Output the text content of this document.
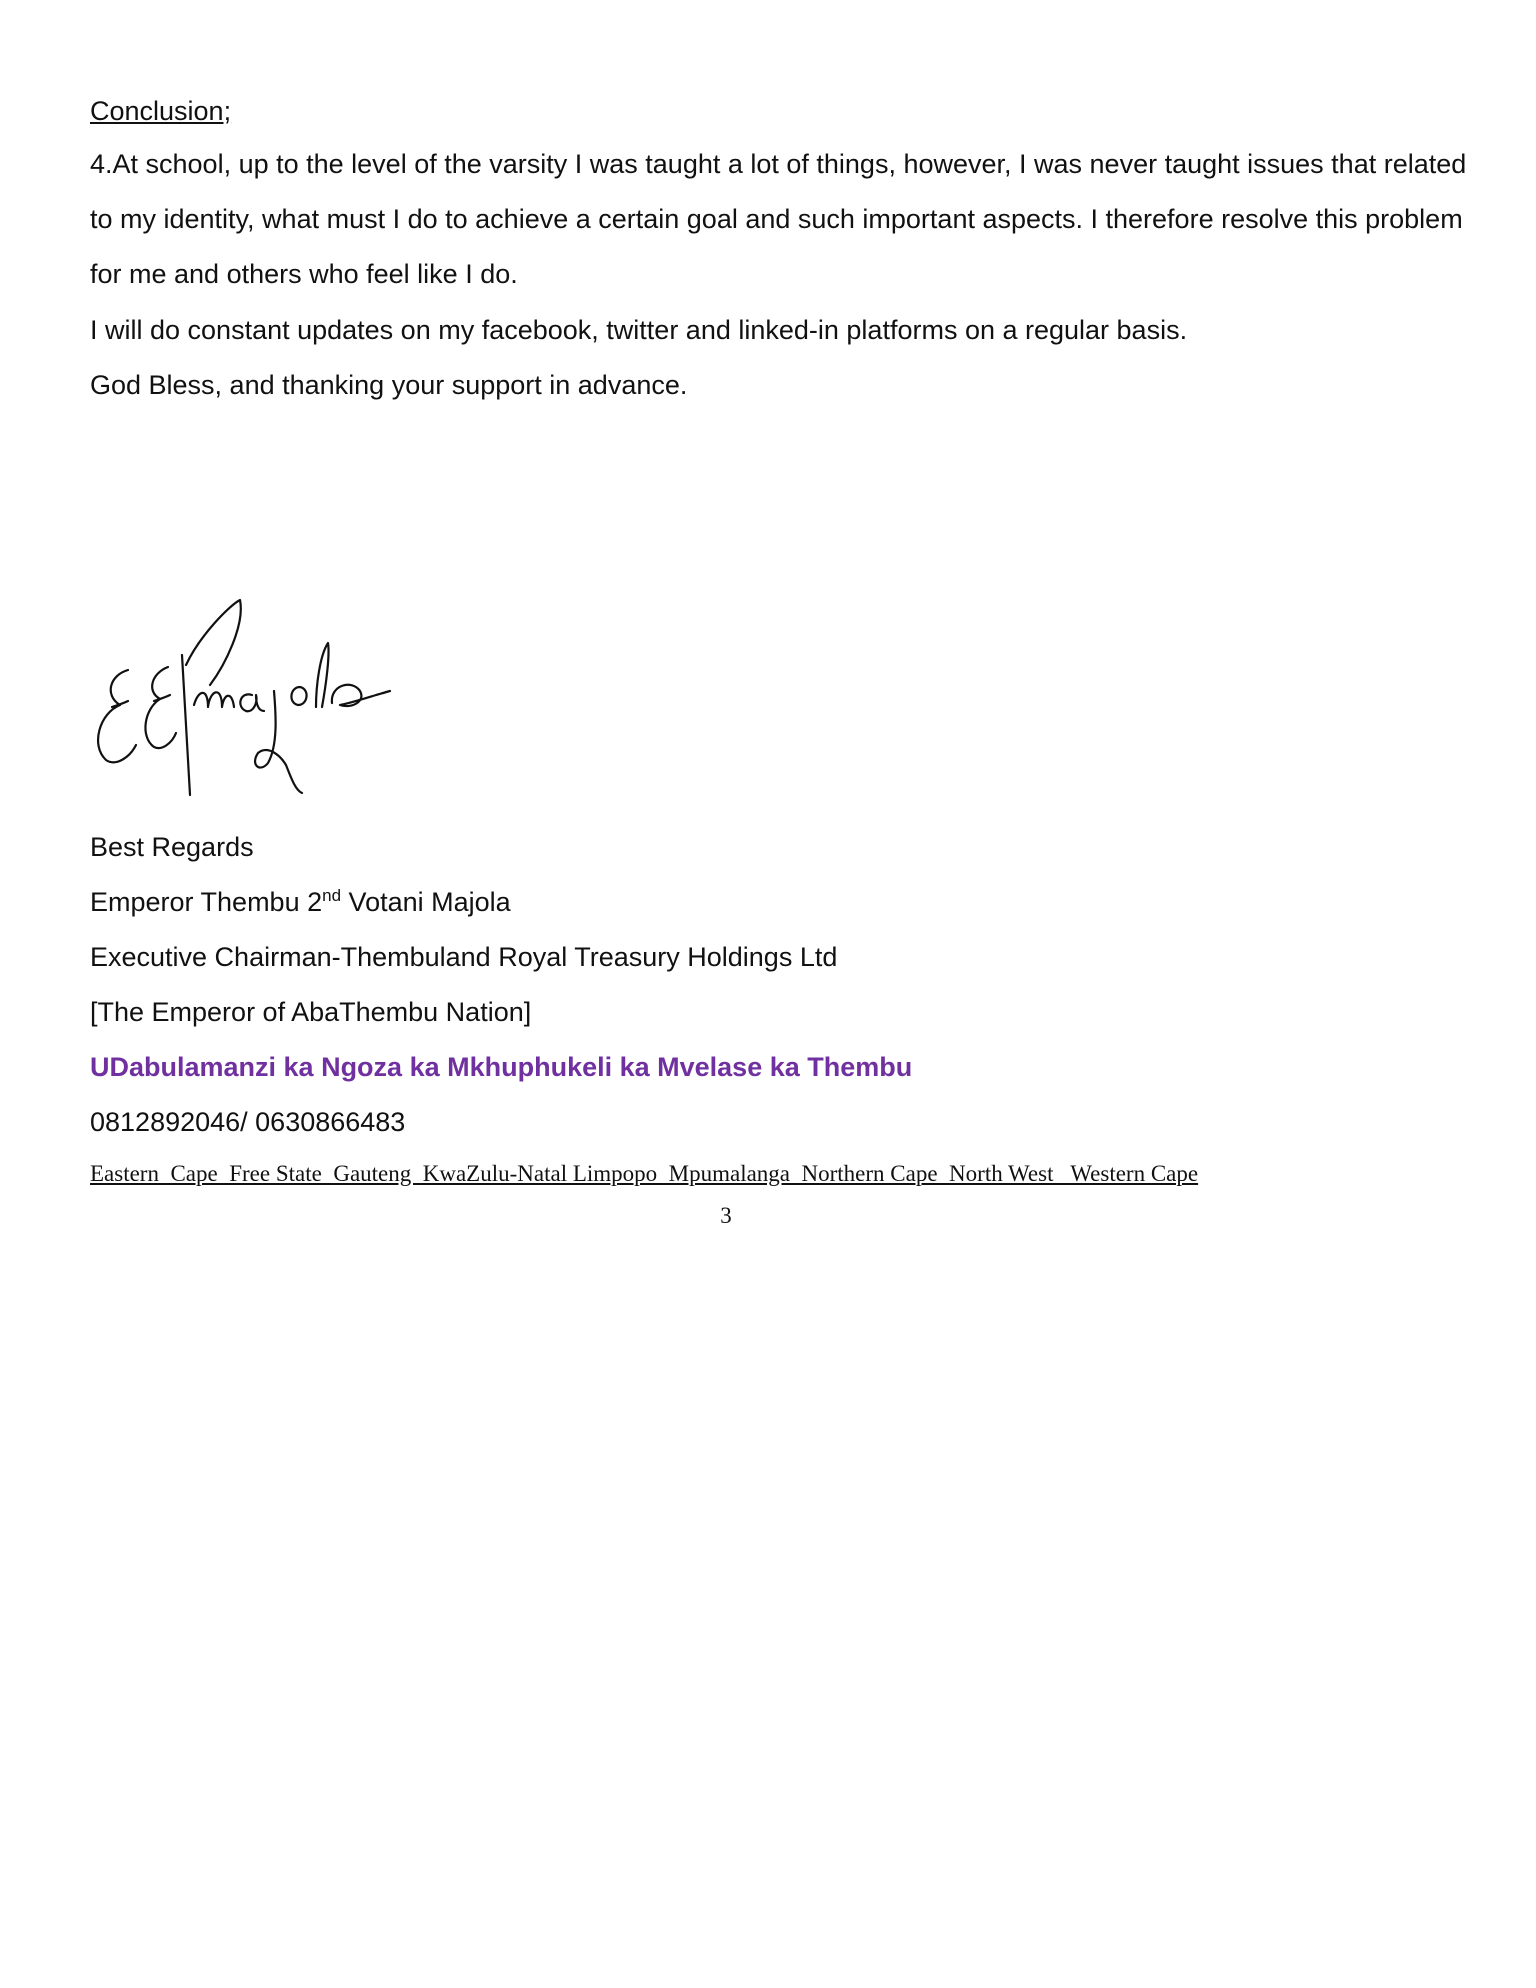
Conclusion;
4.At school, up to the level of the varsity I was taught a lot of things, however, I was never taught issues that related to my identity, what must I do to achieve a certain goal and such important aspects. I therefore resolve this problem for me and others who feel like I do.
I will do constant updates on my facebook, twitter and linked-in platforms on a regular basis.
God Bless, and thanking your support in advance.
Best Regards
Emperor Thembu 2nd Votani Majola
Executive Chairman-Thembuland Royal Treasury Holdings Ltd
[The Emperor of AbaThembu Nation]
UDabulamanzi ka Ngoza ka Mkhuphukeli ka Mvelase ka Thembu
0812892046/ 0630866483
Eastern  Cape  Free State  Gauteng  KwaZulu-Natal Limpopo  Mpumalanga  Northern Cape  North West   Western Cape
3
